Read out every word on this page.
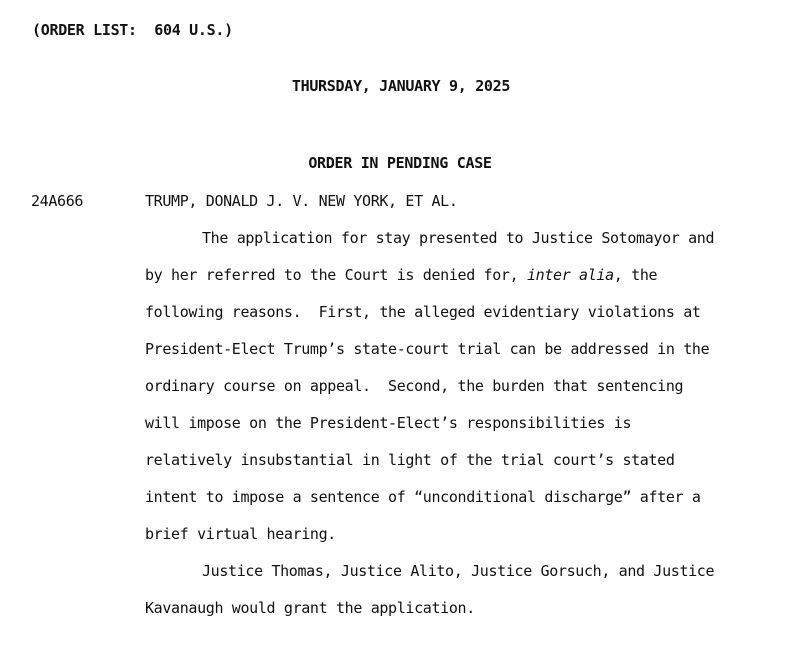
(ORDER LIST:  604 U.S.)
THURSDAY, JANUARY 9, 2025
ORDER IN PENDING CASE
24A666	TRUMP, DONALD J. V. NEW YORK, ET AL.
The application for stay presented to Justice Sotomayor and
by her referred to the Court is denied for, inter alia, the
following reasons.  First, the alleged evidentiary violations at
President-Elect Trump’s state-court trial can be addressed in the
ordinary course on appeal.  Second, the burden that sentencing
will impose on the President-Elect’s responsibilities is
relatively insubstantial in light of the trial court’s stated
intent to impose a sentence of “unconditional discharge” after a
brief virtual hearing.
Justice Thomas, Justice Alito, Justice Gorsuch, and Justice
Kavanaugh would grant the application.
